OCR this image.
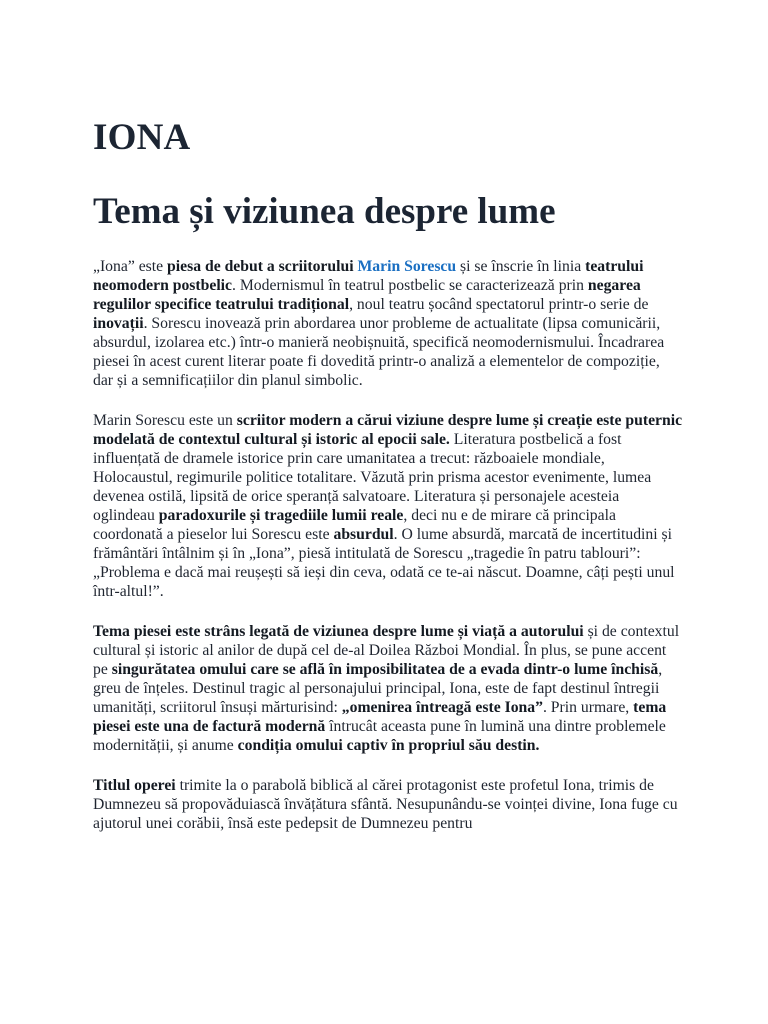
IONA
Tema și viziunea despre lume

„Iona” este piesa de debut a scriitorului Marin Sorescu și se înscrie în linia teatrului neomodern postbelic. Modernismul în teatrul postbelic se caracterizează prin negarea regulilor specifice teatrului tradițional, noul teatru șocând spectatorul printr-o serie de inovații. Sorescu inovează prin abordarea unor probleme de actualitate (lipsa comunicării, absurdul, izolarea etc.) într-o manieră neobișnuită, specifică neomodernismului. Încadrarea piesei în acest curent literar poate fi dovedită printr-o analiză a elementelor de compoziție, dar și a semnificațiilor din planul simbolic.

Marin Sorescu este un scriitor modern a cărui viziune despre lume și creație este puternic modelată de contextul cultural și istoric al epocii sale. Literatura postbelică a fost influențată de dramele istorice prin care umanitatea a trecut: războaiele mondiale, Holocaustul, regimurile politice totalitare. Văzută prin prisma acestor evenimente, lumea devenea ostilă, lipsită de orice speranță salvatoare. Literatura și personajele acesteia oglindeau paradoxurile și tragediile lumii reale, deci nu e de mirare că principala coordonată a pieselor lui Sorescu este absurdul. O lume absurdă, marcată de incertitudini și frământări întâlnim și în „Iona”, piesă intitulată de Sorescu „tragedie în patru tablouri”: „Problema e dacă mai reușești să ieși din ceva, odată ce te-ai născut. Doamne, câți pești unul într-altul!”.

Tema piesei este strâns legată de viziunea despre lume și viață a autorului și de contextul cultural și istoric al anilor de după cel de-al Doilea Război Mondial. În plus, se pune accent pe singurătatea omului care se află în imposibilitatea de a evada dintr-o lume închisă, greu de înțeles. Destinul tragic al personajului principal, Iona, este de fapt destinul întregii umanități, scriitorul însuși mărturisind: „omenirea întreagă este Iona”. Prin urmare, tema piesei este una de factură modernă întrucât aceasta pune în lumină una dintre problemele modernității, și anume condiția omului captiv în propriul său destin.

Titlul operei trimite la o parabolă biblică al cărei protagonist este profetul Iona, trimis de Dumnezeu să propovăduiască învățătura sfântă. Nesupunându-se voinței divine, Iona fuge cu ajutorul unei corăbii, însă este pedepsit de Dumnezeu pentru
